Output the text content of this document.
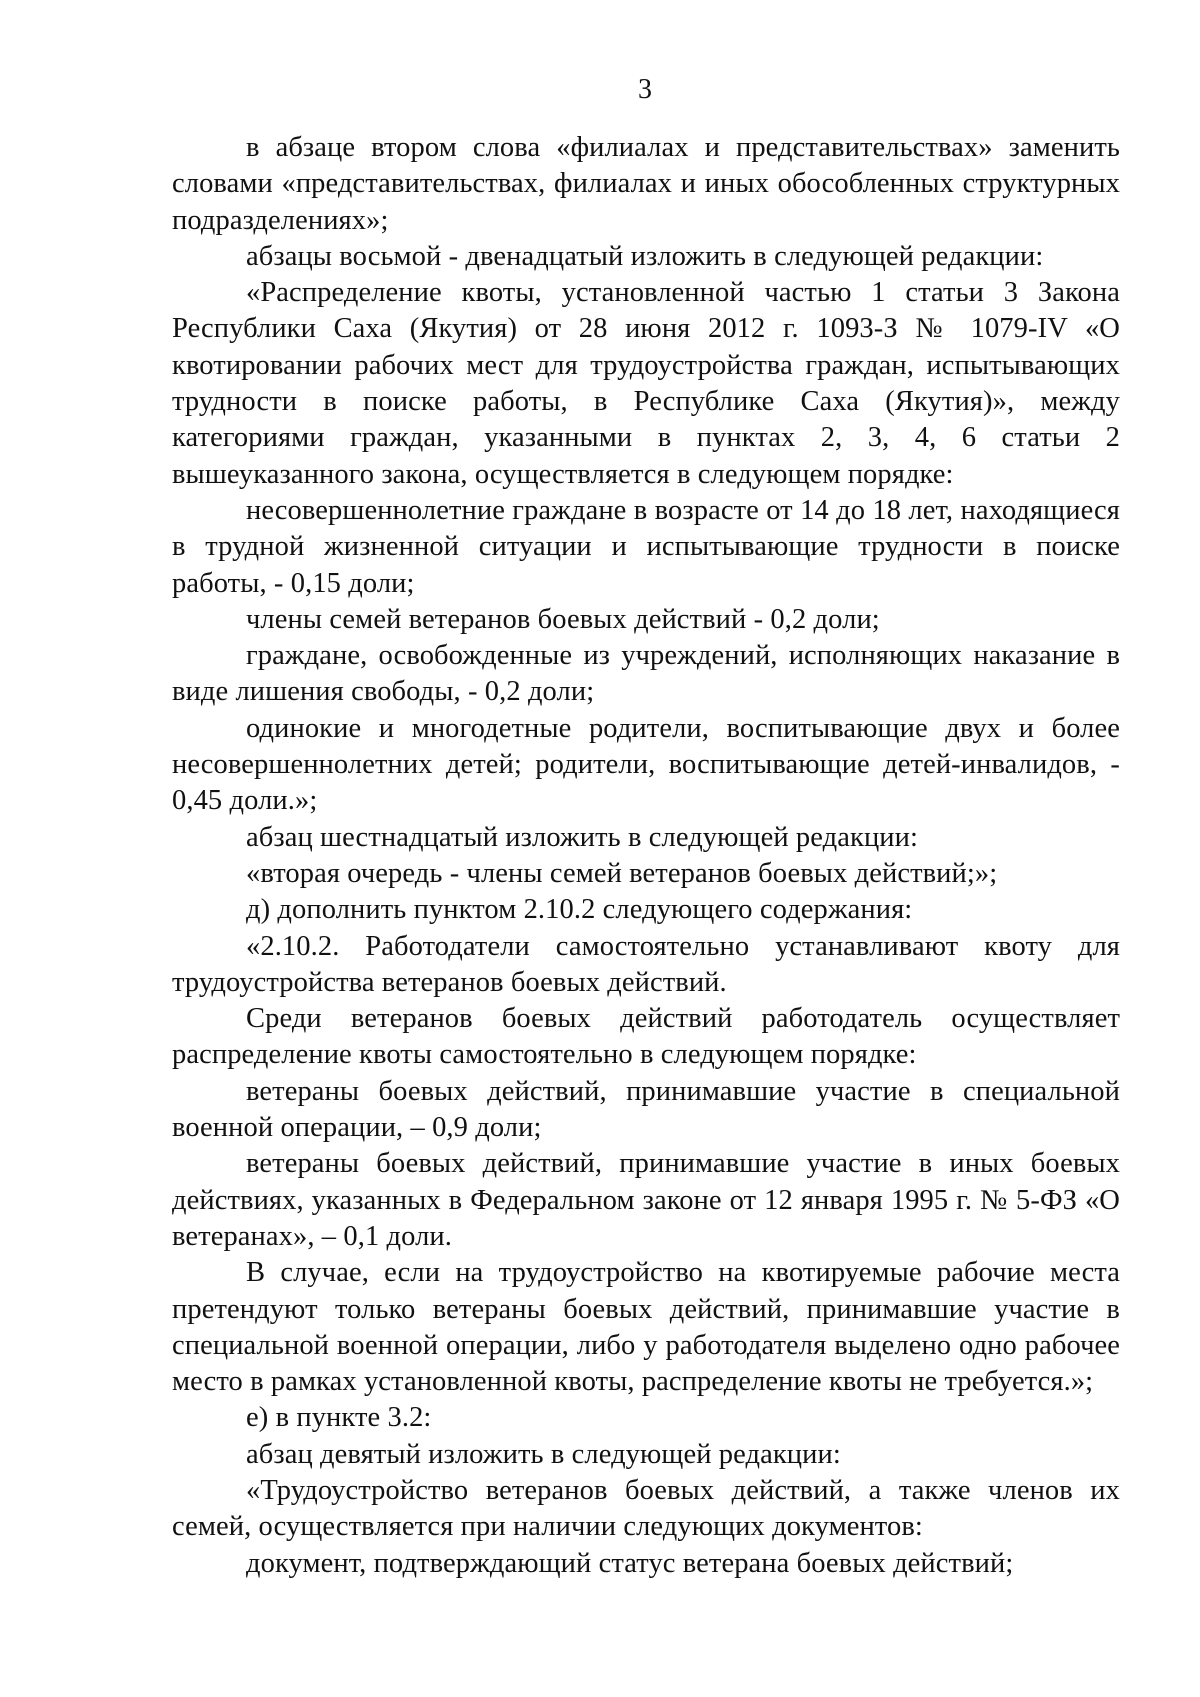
3

в абзаце втором слова «филиалах и представительствах» заменить словами «представительствах, филиалах и иных обособленных структурных подразделениях»;

абзацы восьмой - двенадцатый изложить в следующей редакции:

«Распределение квоты, установленной частью 1 статьи 3 Закона Республики Саха (Якутия) от 28 июня 2012 г. 1093-З № 1079-IV «О квотировании рабочих мест для трудоустройства граждан, испытывающих трудности в поиске работы, в Республике Саха (Якутия)», между категориями граждан, указанными в пунктах 2, 3, 4, 6 статьи 2 вышеуказанного закона, осуществляется в следующем порядке:

несовершеннолетние граждане в возрасте от 14 до 18 лет, находящиеся в трудной жизненной ситуации и испытывающие трудности в поиске работы, - 0,15 доли;

члены семей ветеранов боевых действий - 0,2 доли;

граждане, освобожденные из учреждений, исполняющих наказание в виде лишения свободы, - 0,2 доли;

одинокие и многодетные родители, воспитывающие двух и более несовершеннолетних детей; родители, воспитывающие детей-инвалидов, - 0,45 доли.»;

абзац шестнадцатый изложить в следующей редакции:

«вторая очередь - члены семей ветеранов боевых действий;»;

д) дополнить пунктом 2.10.2 следующего содержания:

«2.10.2. Работодатели самостоятельно устанавливают квоту для трудоустройства ветеранов боевых действий.

Среди ветеранов боевых действий работодатель осуществляет распределение квоты самостоятельно в следующем порядке:

ветераны боевых действий, принимавшие участие в специальной военной операции, – 0,9 доли;

ветераны боевых действий, принимавшие участие в иных боевых действиях, указанных в Федеральном законе от 12 января 1995 г. № 5-ФЗ «О ветеранах», – 0,1 доли.

В случае, если на трудоустройство на квотируемые рабочие места претендуют только ветераны боевых действий, принимавшие участие в специальной военной операции, либо у работодателя выделено одно рабочее место в рамках установленной квоты, распределение квоты не требуется.»;

е) в пункте 3.2:

абзац девятый изложить в следующей редакции:

«Трудоустройство ветеранов боевых действий, а также членов их семей, осуществляется при наличии следующих документов:

документ, подтверждающий статус ветерана боевых действий;
